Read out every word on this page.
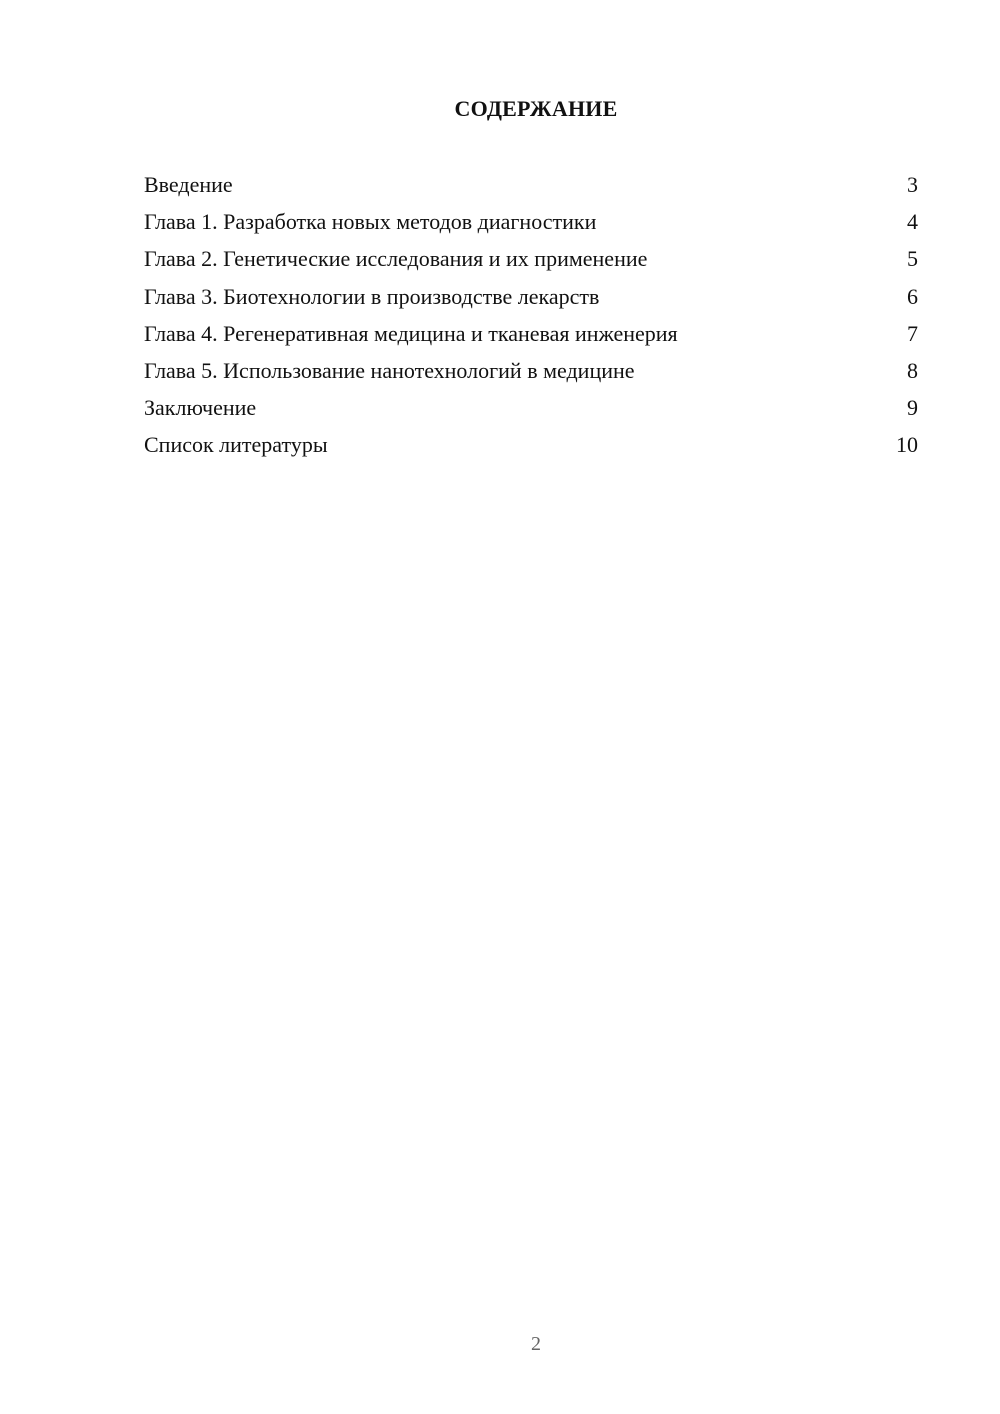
СОДЕРЖАНИЕ
Введение	3
Глава 1. Разработка новых методов диагностики	4
Глава 2. Генетические исследования и их применение	5
Глава 3. Биотехнологии в производстве лекарств	6
Глава 4. Регенеративная медицина и тканевая инженерия	7
Глава 5. Использование нанотехнологий в медицине	8
Заключение	9
Список литературы	10
2
